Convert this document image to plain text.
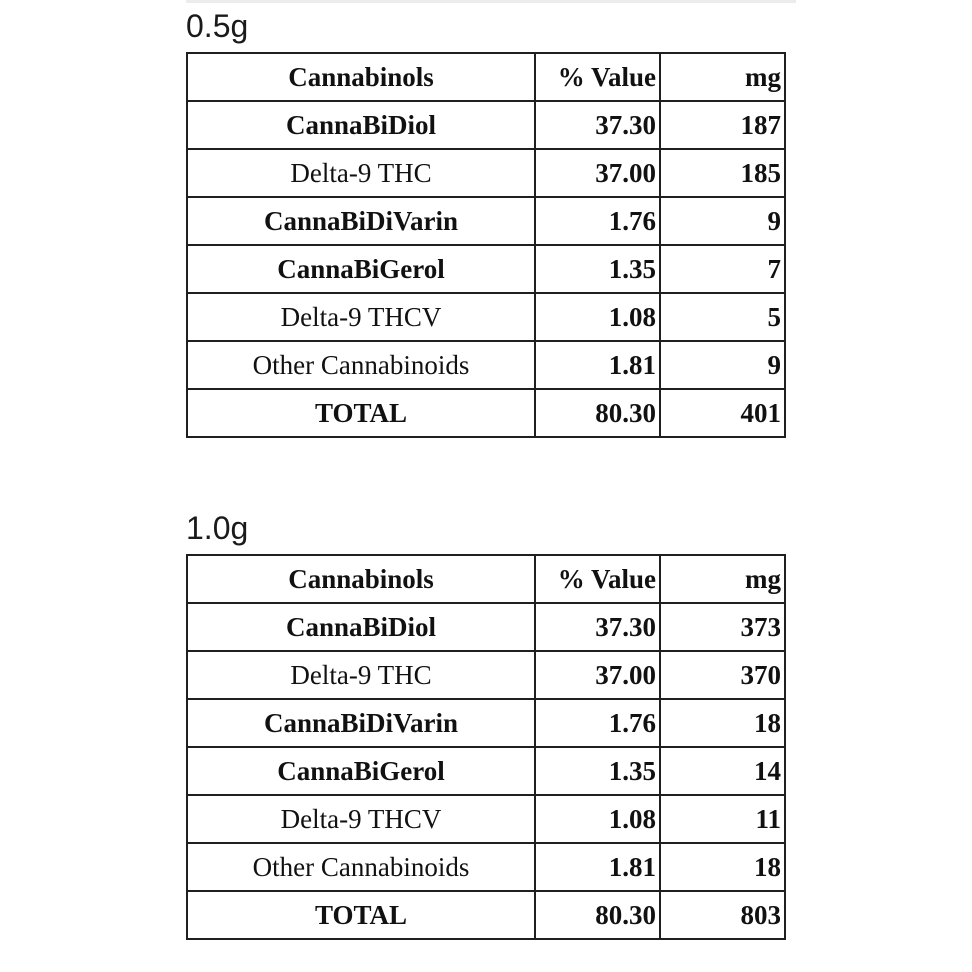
0.5g
Cannabinols	% Value	mg
CannaBiDiol	37.30	187
Delta-9 THC	37.00	185
CannaBiDiVarin	1.76	9
CannaBiGerol	1.35	7
Delta-9 THCV	1.08	5
Other Cannabinoids	1.81	9
TOTAL	80.30	401
1.0g
Cannabinols	% Value	mg
CannaBiDiol	37.30	373
Delta-9 THC	37.00	370
CannaBiDiVarin	1.76	18
CannaBiGerol	1.35	14
Delta-9 THCV	1.08	11
Other Cannabinoids	1.81	18
TOTAL	80.30	803
